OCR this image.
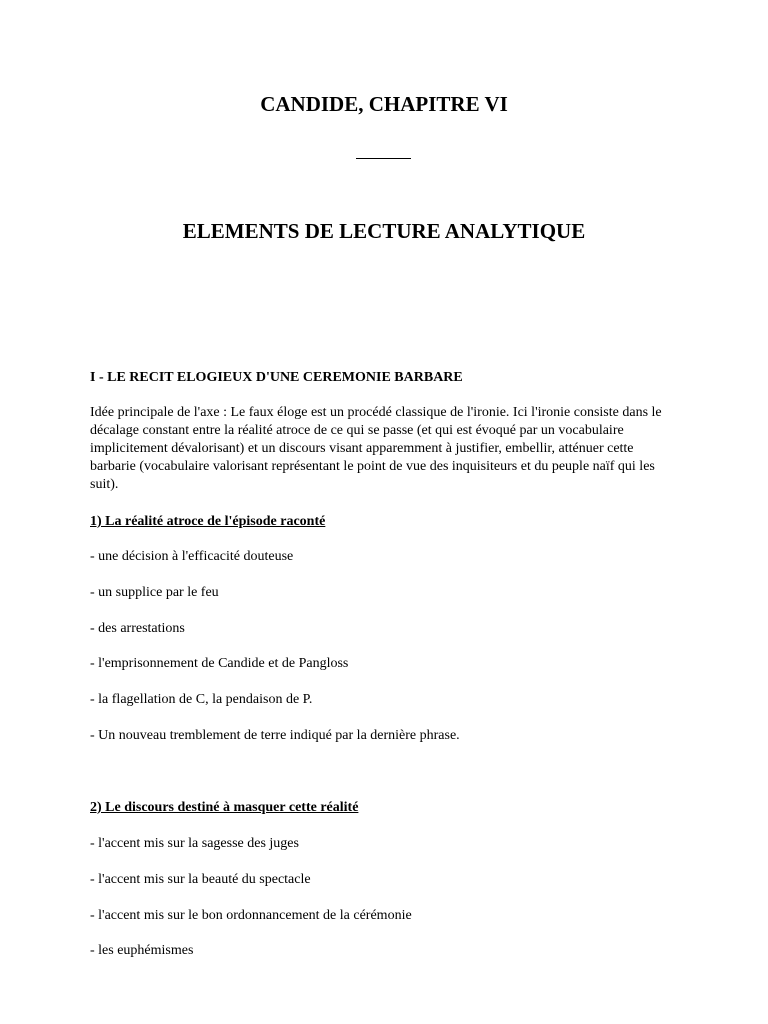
CANDIDE, CHAPITRE VI
ELEMENTS DE LECTURE ANALYTIQUE

I - LE RECIT ELOGIEUX D'UNE CEREMONIE BARBARE

Idée principale de l'axe : Le faux éloge est un procédé classique de l'ironie. Ici l'ironie consiste dans le décalage constant entre la réalité atroce de ce qui se passe (et qui est évoqué par un vocabulaire implicitement dévalorisant) et un discours visant apparemment à justifier, embellir, atténuer cette barbarie (vocabulaire valorisant représentant le point de vue des inquisiteurs et du peuple naïf qui les suit).

1) La réalité atroce de l'épisode raconté

- une décision à l'efficacité douteuse
- un supplice par le feu
- des arrestations
- l'emprisonnement de Candide et de Pangloss
- la flagellation de C, la pendaison de P.
- Un nouveau tremblement de terre indiqué par la dernière phrase.

2) Le discours destiné à masquer cette réalité

- l'accent mis sur la sagesse des juges
- l'accent mis sur la beauté du spectacle
- l'accent mis sur le bon ordonnancement de la cérémonie
- les euphémismes
